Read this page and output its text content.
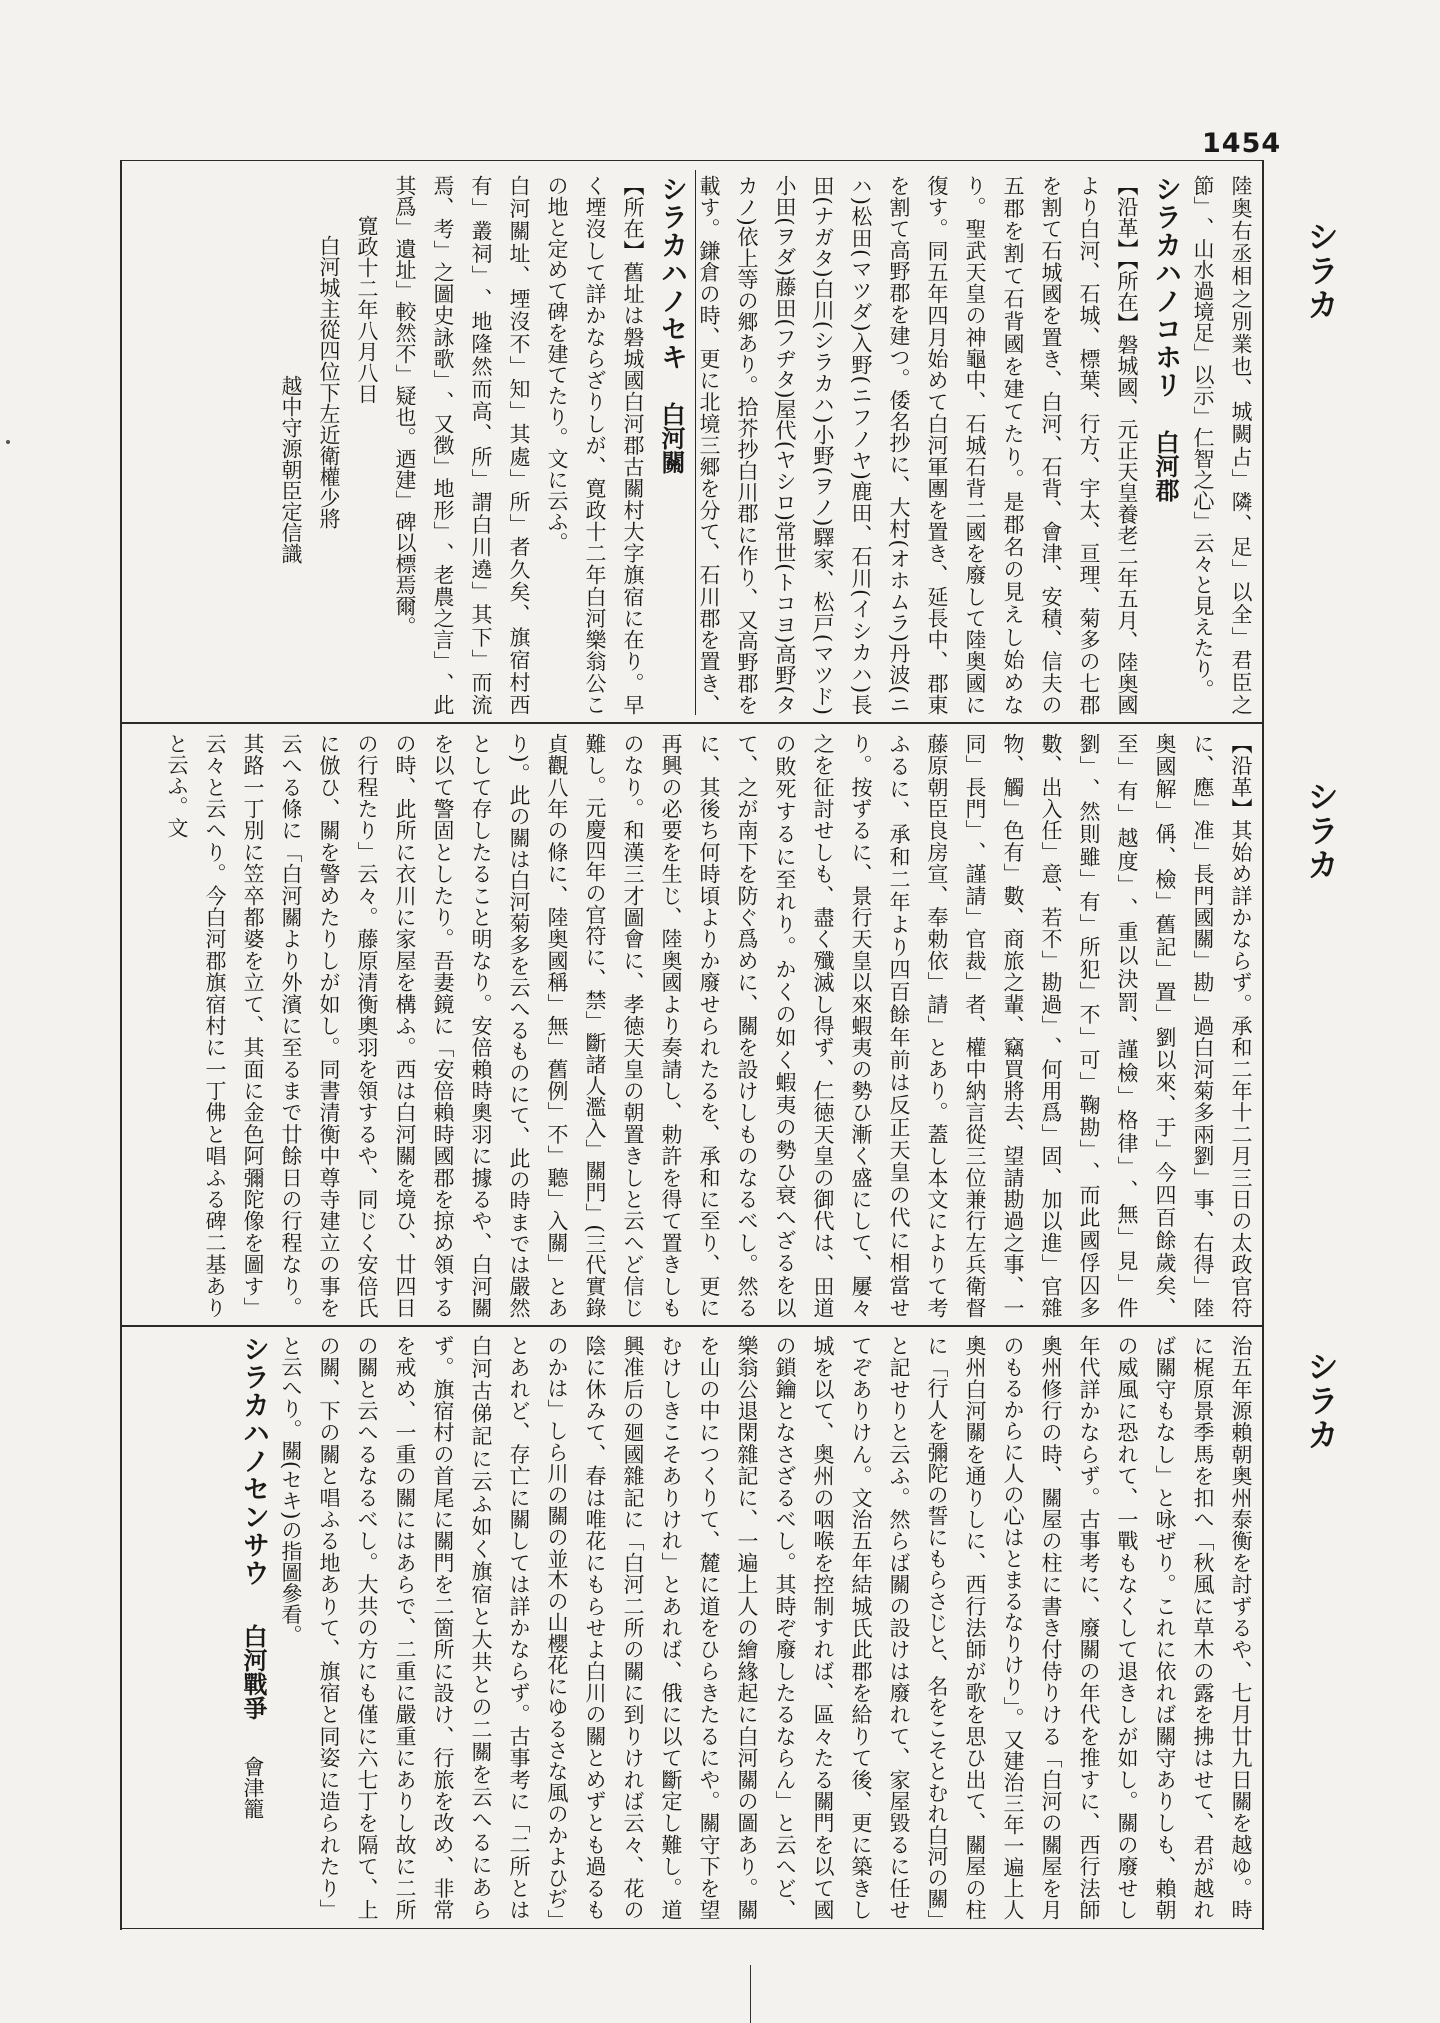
1454
シラカ
シラカ
シラカ

陸奥右丞相之別業也、城闕占﹂隣、足﹂以全﹂君臣之節﹂、山水過境足﹂以示﹂仁智之心﹂云々と見えたり。

シラカハノコホリ 白河郡

【沿革】【所在】磐城國、元正天皇養老二年五月、陸奥國より白河、石城、標葉、行方、宇太、亘理、菊多の七郡を割て石城國を置き、白河、石背、會津、安積、信夫の五郡を割て石背國を建てたり。是郡名の見えし始めなり。聖武天皇の神龜中、石城石背二國を廢して陸奥國に復す。同五年四月始めて白河軍團を置き、延長中、郡東を割て高野郡を建つ。倭名抄に、大村(オホムラ)丹波(ニハ)松田(マツダ)入野(ニフノヤ)鹿田、石川(イシカハ)長田(ナガタ)白川(シラカハ)小野(ヲノ)驛家、松戸(マツド)小田(ヲダ)藤田(フヂタ)屋代(ヤシロ)常世(トコヨ)高野(タカノ)依上等の郷あり。拾芥抄白川郡に作り、又高野郡を載す。鎌倉の時、更に北境三郷を分て、石川郡を置き、

シラカハノセキ 白河關

【所在】舊址は磐城國白河郡古關村大字旗宿に在り。早く堙沒して詳かならざりしが、寛政十二年白河樂翁公この地と定めて碑を建てたり。文に云ふ。

白河關址、堙沒不﹂知﹂其處﹂所﹂者久矣、旗宿村西有﹂叢祠﹂、地隆然而高、所﹂謂白川遶﹂其下﹂而流焉、考﹂之圖史詠歌﹂、又徴﹂地形﹂、老農之言﹂、此其爲﹂遺址﹂較然不﹂疑也。迺建﹂碑以標焉爾。

寛政十二年八月八日

白河城主從四位下左近衛權少將

越中守源朝臣定信識

【沿革】其始め詳かならず。承和二年十二月三日の太政官符に、應﹂准﹂長門國關﹂勘﹂過白河菊多兩劉﹂事、右得﹂陸奥國解﹂偁、檢﹂舊記﹂置﹂劉以來、于﹂今四百餘歲矣、至﹂有﹂越度﹂、重以決罰、謹檢﹂格律﹂、無﹂見﹂件劉﹂、然則雖﹂有﹂所犯﹂不﹂可﹂鞠勘﹂、而此國俘囚多數、出入任﹂意、若不﹂勘過﹂、何用爲﹂固、加以進﹂官雜物、觸﹂色有﹂數、商旅之輩、竊買將去、望請勘過之事、一同﹂長門﹂、謹請﹂官裁﹂者、權中納言從三位兼行左兵衛督藤原朝臣良房宣、奉勅依﹂請﹂とあり。蓋し本文によりて考ふるに、承和二年より四百餘年前は反正天皇の代に相當せり。按ずるに、景行天皇以來蝦夷の勢ひ漸く盛にして、屢々之を征討せしも、盡く殲滅し得ず、仁徳天皇の御代は、田道の敗死するに至れり。かくの如く蝦夷の勢ひ衰へざるを以て、之が南下を防ぐ爲めに、關を設けしものなるべし。然るに、其後ち何時頃よりか廢せられたるを、承和に至り、更に再興の必要を生じ、陸奥國より奏請し、勅許を得て置きしものなり。和漢三才圖會に、孝徳天皇の朝置きしと云へど信じ難し。元慶四年の官符に、禁﹂斷諸人濫入﹂關門﹂(三代實錄貞觀八年の條に、陸奥國稱﹂無﹂舊例﹂不﹂聽﹂入關﹂とあり)。此の關は白河菊多を云へるものにて、此の時までは嚴然として存したること明なり。安倍賴時奧羽に據るや、白河關を以て警固としたり。吾妻鏡に「安倍賴時國郡を掠め領するの時、此所に衣川に家屋を構ふ。西は白河關を境ひ、廿四日の行程たり」云々。藤原清衡奧羽を領するや、同じく安倍氏に倣ひ、關を警めたりしが如し。同書清衡中尊寺建立の事を云へる條に「白河關より外濱に至るまで廿餘日の行程なり。其路一丁別に笠卒都婆を立て、其面に金色阿彌陀像を圖す」云々と云へり。今白河郡旗宿村に一丁佛と唱ふる碑二基ありと云ふ。文

治五年源賴朝奥州泰衡を討ずるや、七月廿九日關を越ゆ。時に梶原景季馬を扣へ「秋風に草木の露を拂はせて、君が越れば關守もなし」と咏ぜり。これに依れば關守ありしも、賴朝の威風に恐れて、一戰もなくして退きしが如し。關の廢せし年代詳かならず。古事考に、廢關の年代を推すに、西行法師奧州修行の時、關屋の柱に書き付侍りける「白河の關屋を月のもるからに人の心はとまるなりけり」。又建治三年一遍上人奧州白河關を通りしに、西行法師が歌を思ひ出て、關屋の柱に「行人を彌陀の誓にもらさじと、名をこそとむれ白河の關」と記せりと云ふ。然らば關の設けは廢れて、家屋毀るに任せてぞありけん。文治五年結城氏此郡を給りて後、更に築きし城を以て、奥州の咽喉を控制すれば、區々たる關門を以て國の鎖鑰となさざるべし。其時ぞ廢したるならん」と云へど、樂翁公退閑雜記に、一遍上人の繪緣起に白河關の圖あり。關を山の中につくりて、麓に道をひらきたるにや。關守下を望むけしきこそありけれ」とあれば、俄に以て斷定し難し。道興准后の廻國雜記に「白河二所の關に到りければ云々、花の陰に休みて、春は唯花にもらせよ白川の關とめずとも過るものかは」しら川の關の並木の山櫻花にゆるさな風のかよひぢ」とあれど、存亡に關しては詳かならず。古事考に「二所とは白河古俤記に云ふ如く旗宿と大共との二關を云へるにあらず。旗宿村の首尾に關門を二箇所に設け、行旅を改め、非常を戒め、一重の關にはあらで、二重に嚴重にありし故に二所の關と云へるなるべし。大共の方にも僅に六七丁を隔て、上の關、下の關と唱ふる地ありて、旗宿と同姿に造られたり」と云へり。關(セキ)の指圖參看。

シラカハノセンサウ 白河戰爭 會津籠
